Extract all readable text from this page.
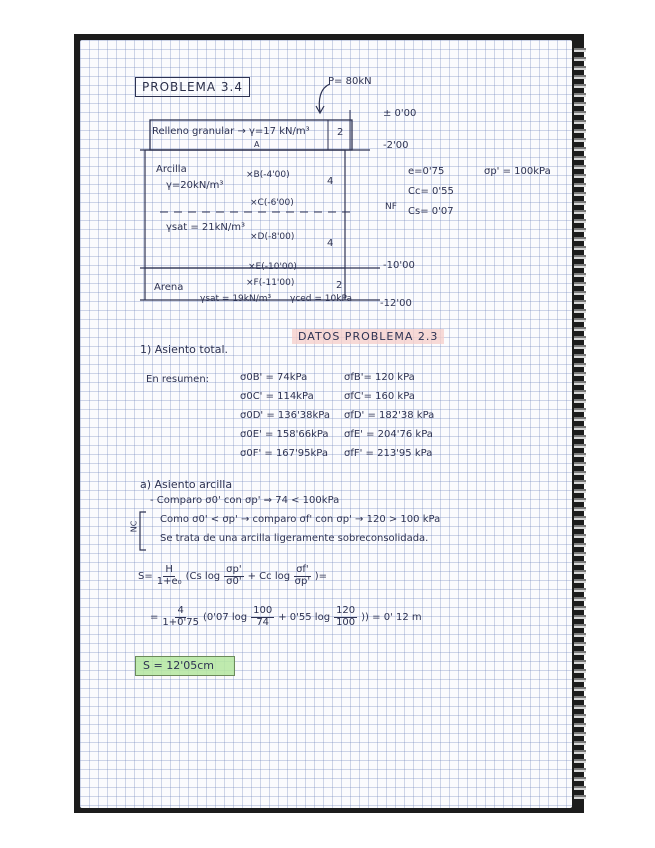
PROBLEMA 3.4	P= 80kN
Relleno granular → γ=17 kN/m³	2
A
± 0'00
-2'00
-10'00
-12'00
NF
Arcilla
γ=20kN/m³
×B(-4'00)
4
×C(-6'00)
γsat = 21kN/m³
×D(-8'00)
4
×E(-10'00)
Arena	×F(-11'00)	2
γsat = 19kN/m³ γced = 10kPa
e=0'75
Cc= 0'55
Cs= 0'07
σp' = 100kPa
DATOS PROBLEMA 2.3
1) Asiento total.
En resumen:	σ0B' = 74kPa	σfB'= 120 kPa
σ0C' = 114kPa	σfC'= 160 kPa
σ0D' = 136'38kPa σfD' = 182'38 kPa
σ0E' = 158'66kPa σfE' = 204'76 kPa
σ0F' = 167'95kPa σfF' = 213'95 kPa
a) Asiento arcilla
- Comparo σ0' con σp' ⇒ 74 < 100kPa
NC
Como σ0' < σp' → comparo σf' con σp' → 120 > 100 kPa
Se trata de una arcilla ligeramente sobreconsolidada.
$S= \frac{H}{\text{1+e₀}} (Cs$ $\log \frac{\sigma p'}{\sigma 0'} + Cc$ $\log \frac{\sigma f'}{\sigma p'}$ )=
= $\frac{4}{1+0'75} (0'07$ $\log \frac{100}{74} + 0'55$ $\log \frac{120}{100}$ )) = 0' 12 m
S = 12'05cm
